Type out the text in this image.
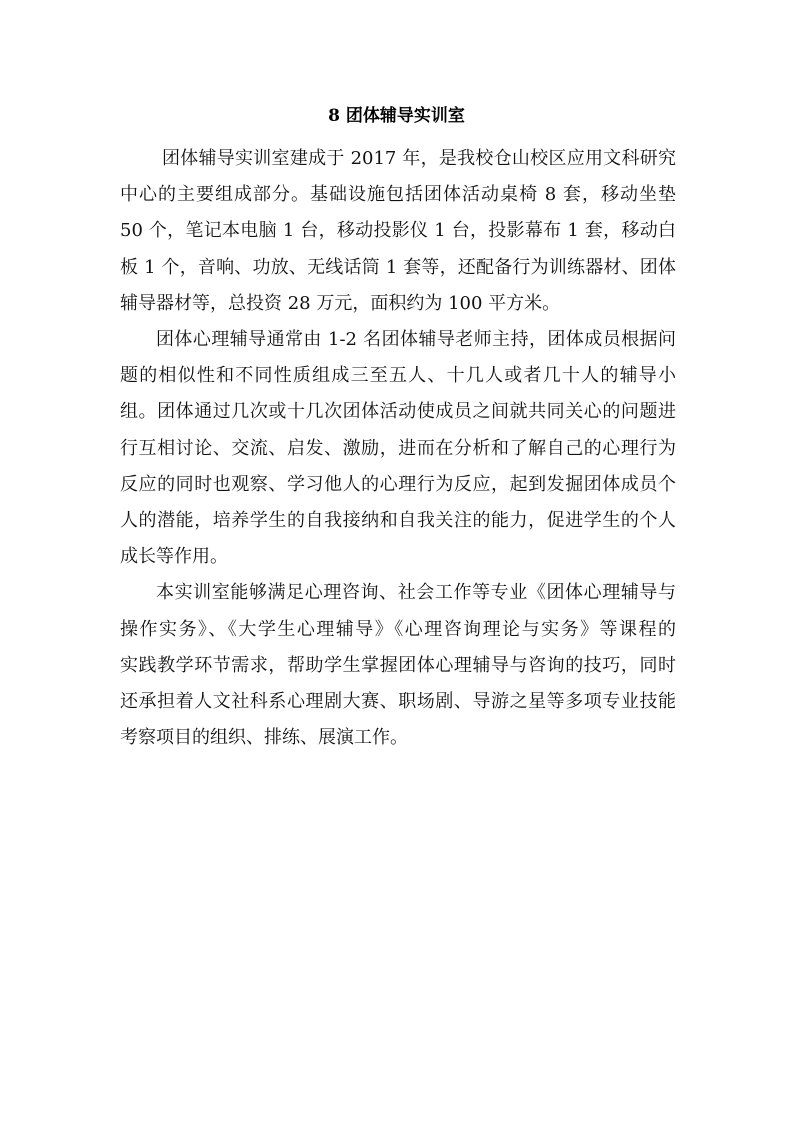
8 团体辅导实训室

团体辅导实训室建成于 2017 年，是我校仓山校区应用文科研究
中心的主要组成部分。基础设施包括团体活动桌椅 8 套，移动坐垫
50 个，笔记本电脑 1 台，移动投影仪 1 台，投影幕布 1 套，移动白
板 1 个，音响、功放、无线话筒 1 套等，还配备行为训练器材、团体
辅导器材等，总投资 28 万元，面积约为 100 平方米。

团体心理辅导通常由 1-2 名团体辅导老师主持，团体成员根据问
题的相似性和不同性质组成三至五人、十几人或者几十人的辅导小
组。团体通过几次或十几次团体活动使成员之间就共同关心的问题进
行互相讨论、交流、启发、激励，进而在分析和了解自己的心理行为
反应的同时也观察、学习他人的心理行为反应，起到发掘团体成员个
人的潜能，培养学生的自我接纳和自我关注的能力，促进学生的个人
成长等作用。

本实训室能够满足心理咨询、社会工作等专业《团体心理辅导与
操作实务》、《大学生心理辅导》《心理咨询理论与实务》等课程的
实践教学环节需求，帮助学生掌握团体心理辅导与咨询的技巧，同时
还承担着人文社科系心理剧大赛、职场剧、导游之星等多项专业技能
考察项目的组织、排练、展演工作。
